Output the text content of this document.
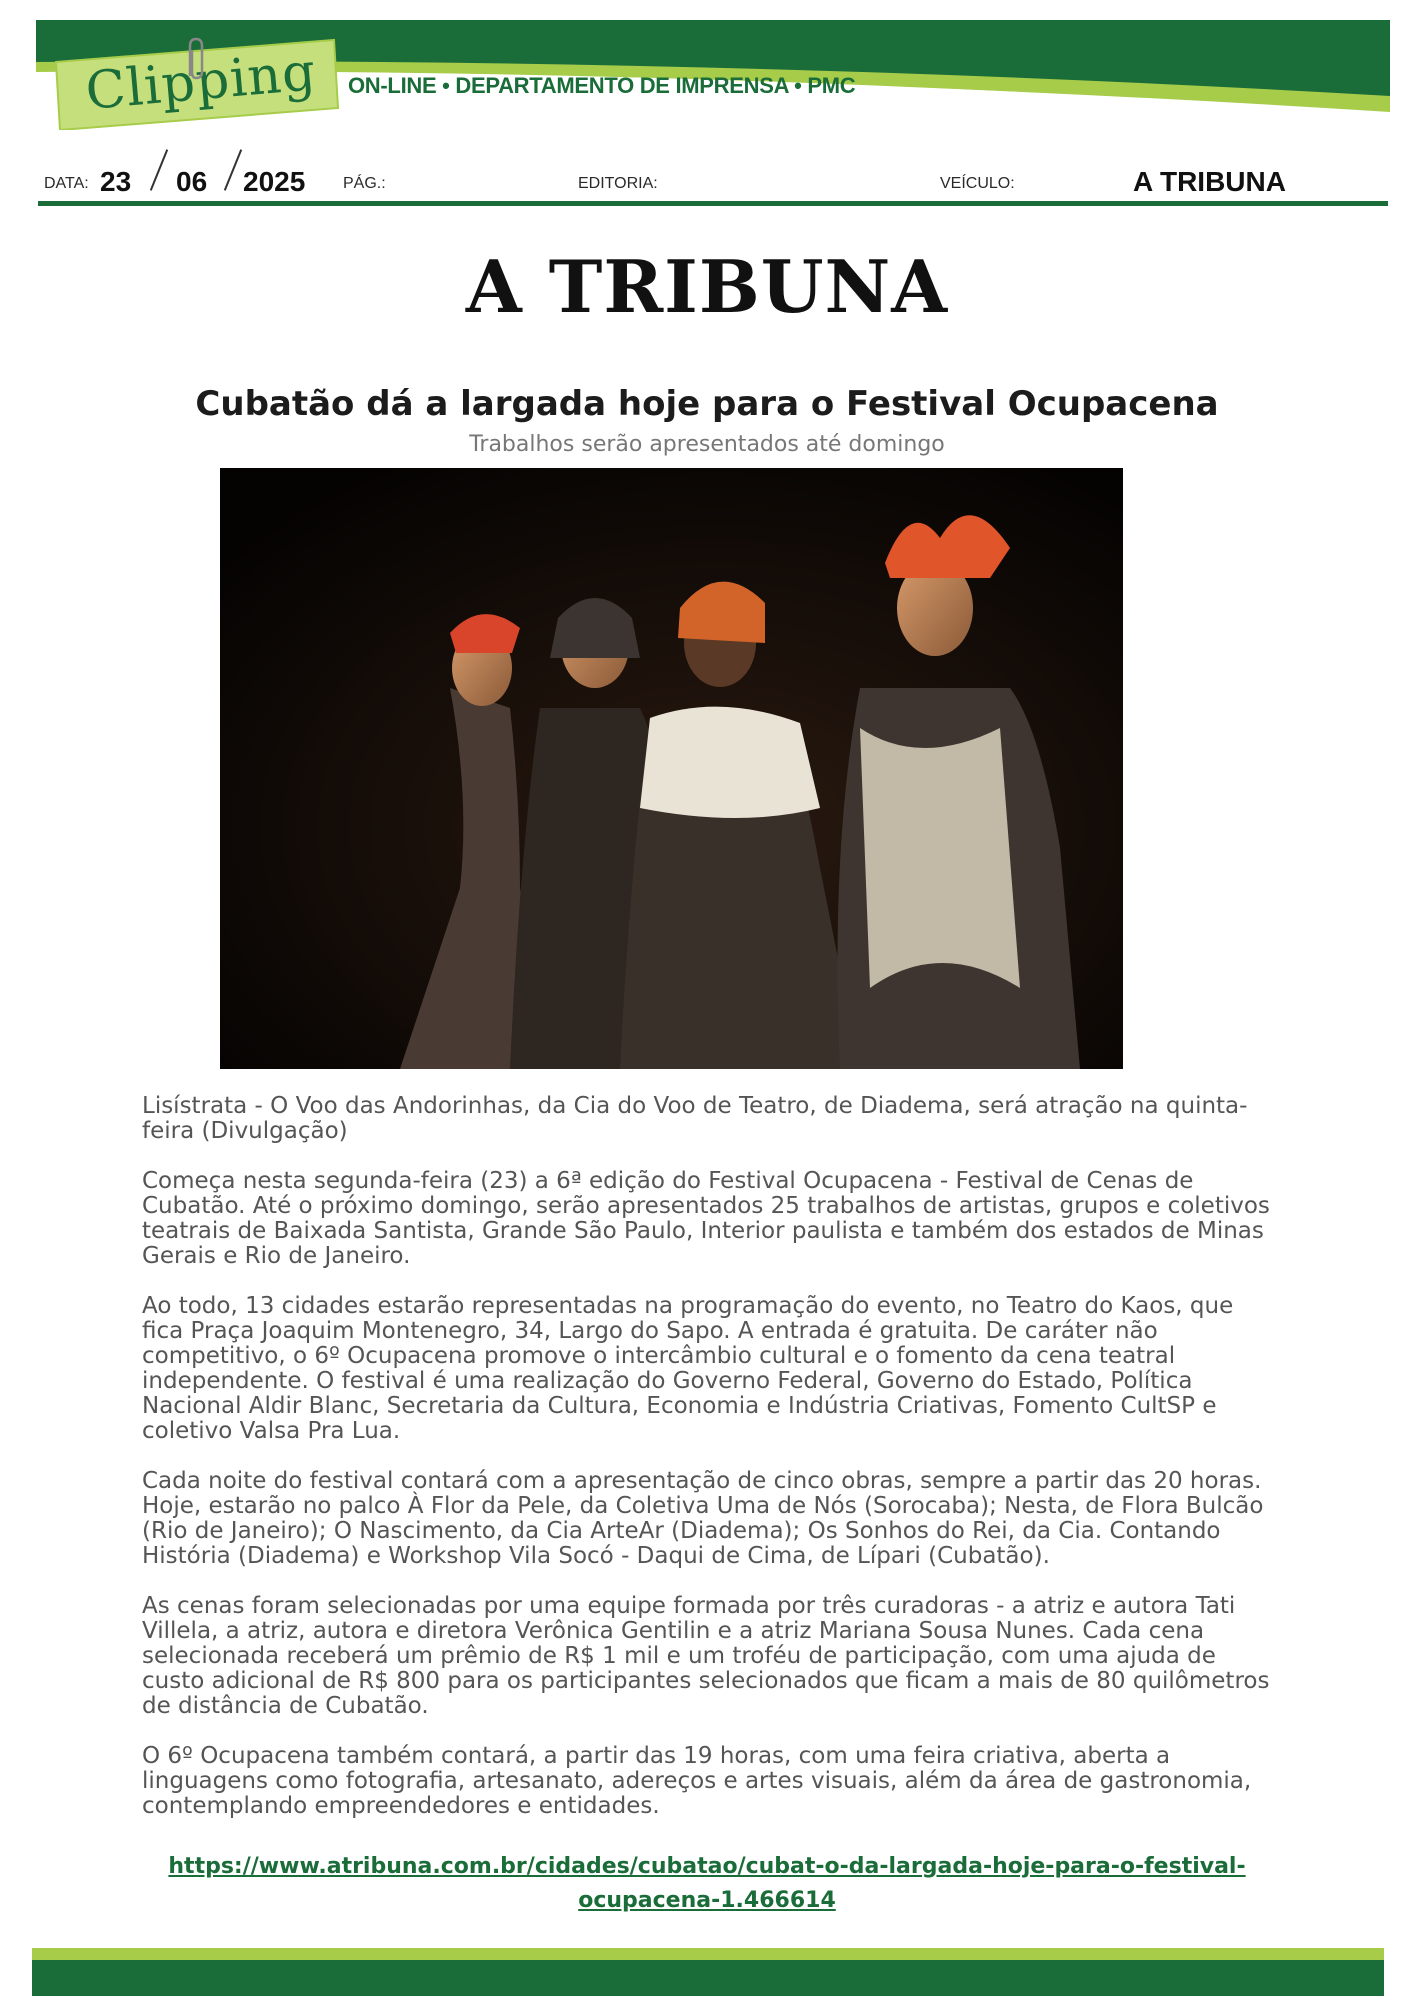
Clipping	ON-LINE • DEPARTAMENTO DE IMPRENSA • PMC
DATA: 23 06 2025 PÁG.:	EDITORIA:	VEÍCULO:	A TRIBUNA
A TRIBUNA
Cubatão dá a largada hoje para o Festival Ocupacena
Trabalhos serão apresentados até domingo

Lisístrata - O Voo das Andorinhas, da Cia do Voo de Teatro, de Diadema, será atração na quinta-feira (Divulgação)

Começa nesta segunda-feira (23) a 6ª edição do Festival Ocupacena - Festival de Cenas de Cubatão. Até o próximo domingo, serão apresentados 25 trabalhos de artistas, grupos e coletivos teatrais de Baixada Santista, Grande São Paulo, Interior paulista e também dos estados de Minas Gerais e Rio de Janeiro.

Ao todo, 13 cidades estarão representadas na programação do evento, no Teatro do Kaos, que fica Praça Joaquim Montenegro, 34, Largo do Sapo. A entrada é gratuita. De caráter não competitivo, o 6º Ocupacena promove o intercâmbio cultural e o fomento da cena teatral independente. O festival é uma realização do Governo Federal, Governo do Estado, Política Nacional Aldir Blanc, Secretaria da Cultura, Economia e Indústria Criativas, Fomento CultSP e coletivo Valsa Pra Lua.

Cada noite do festival contará com a apresentação de cinco obras, sempre a partir das 20 horas. Hoje, estarão no palco À Flor da Pele, da Coletiva Uma de Nós (Sorocaba); Nesta, de Flora Bulcão (Rio de Janeiro); O Nascimento, da Cia ArteAr (Diadema); Os Sonhos do Rei, da Cia. Contando História (Diadema) e Workshop Vila Socó - Daqui de Cima, de Lípari (Cubatão).

As cenas foram selecionadas por uma equipe formada por três curadoras - a atriz e autora Tati Villela, a atriz, autora e diretora Verônica Gentilin e a atriz Mariana Sousa Nunes. Cada cena selecionada receberá um prêmio de R$ 1 mil e um troféu de participação, com uma ajuda de custo adicional de R$ 800 para os participantes selecionados que ficam a mais de 80 quilômetros de distância de Cubatão.

O 6º Ocupacena também contará, a partir das 19 horas, com uma feira criativa, aberta a linguagens como fotografia, artesanato, adereços e artes visuais, além da área de gastronomia, contemplando empreendedores e entidades.

https://www.atribuna.com.br/cidades/cubatao/cubat-o-da-largada-hoje-para-o-festival-ocupacena-1.466614
